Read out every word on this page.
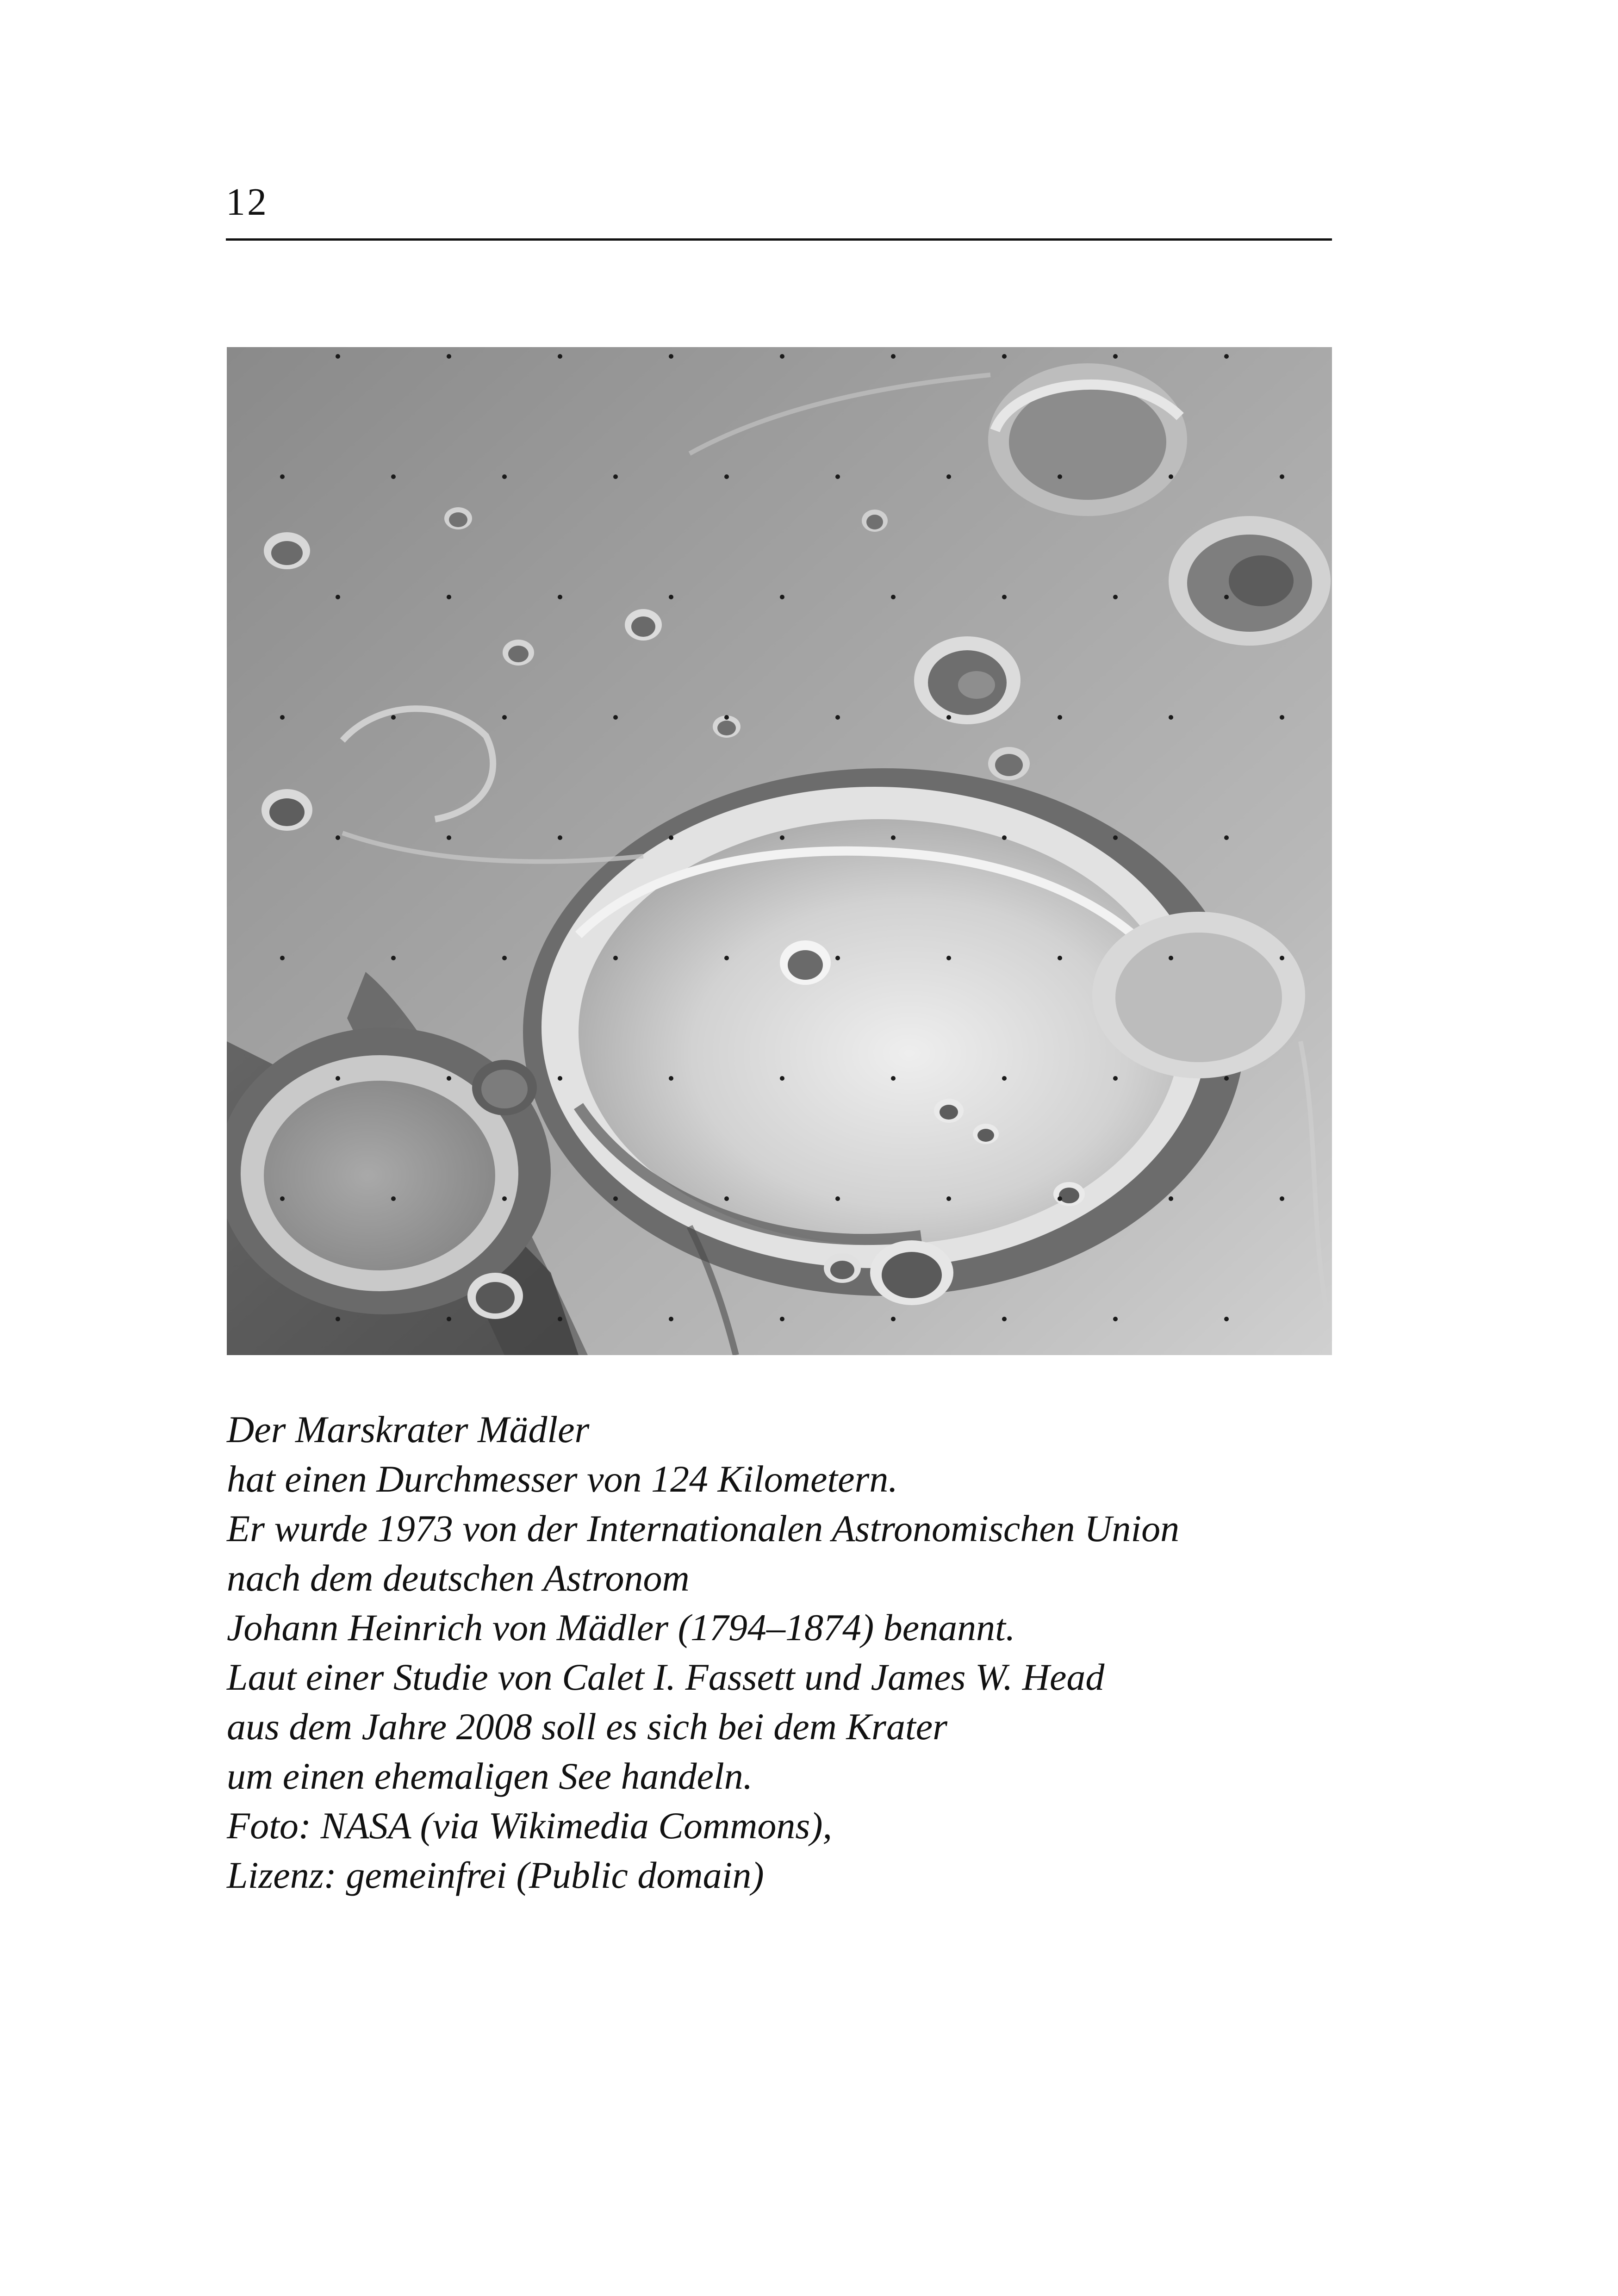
12
Der Marskrater Mädler
hat einen Durchmesser von 124 Kilometern.
Er wurde 1973 von der Internationalen Astronomischen Union
nach dem deutschen Astronom
Johann Heinrich von Mädler (1794–1874) benannt.
Laut einer Studie von Calet I. Fassett und James W. Head
aus dem Jahre 2008 soll es sich bei dem Krater
um einen ehemaligen See handeln.
Foto: NASA (via Wikimedia Commons),
Lizenz: gemeinfrei (Public domain)
